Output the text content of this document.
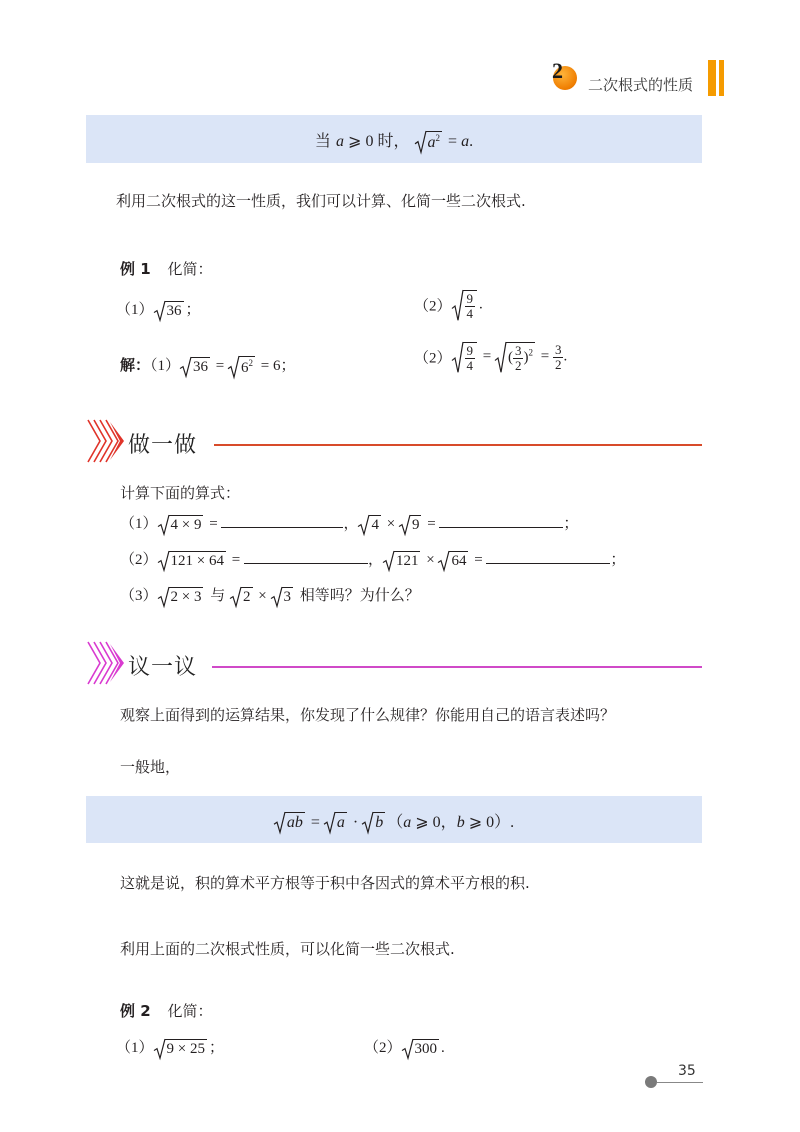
2
二次根式的性质
当 a ⩾ 0 时， $a^2 = a$.
利用二次根式的这一性质，我们可以计算、化简一些二次根式.
例 1 化简：
（1） 36 ；	$(2) \frac{9}{4}$ .
解：（1） 36 =
$6^2 = 6$；	$(2) \frac{9}{4}$ =
( $\frac{3}{2} )^2 = \frac{3}{2}$ .
做一做
计算下面的算式：
（1） 4 × 9 =	， 4 ×
9 =	；
（2） 121 × 64 =	， 121 ×
64 =	；
（3） 2 × 3 与
2 ×
3 相等吗？为什么？
议一议
观察上面得到的运算结果，你发现了什么规律？你能用自己的语言表述吗？
一般地，
ab =
a ·
b （a ⩾ 0，b ⩾ 0）.
这就是说，积的算术平方根等于积中各因式的算术平方根的积.
利用上面的二次根式性质，可以化简一些二次根式.
例 2 化简：
（1） 9 × 25 ；	（2） 300 .
35
